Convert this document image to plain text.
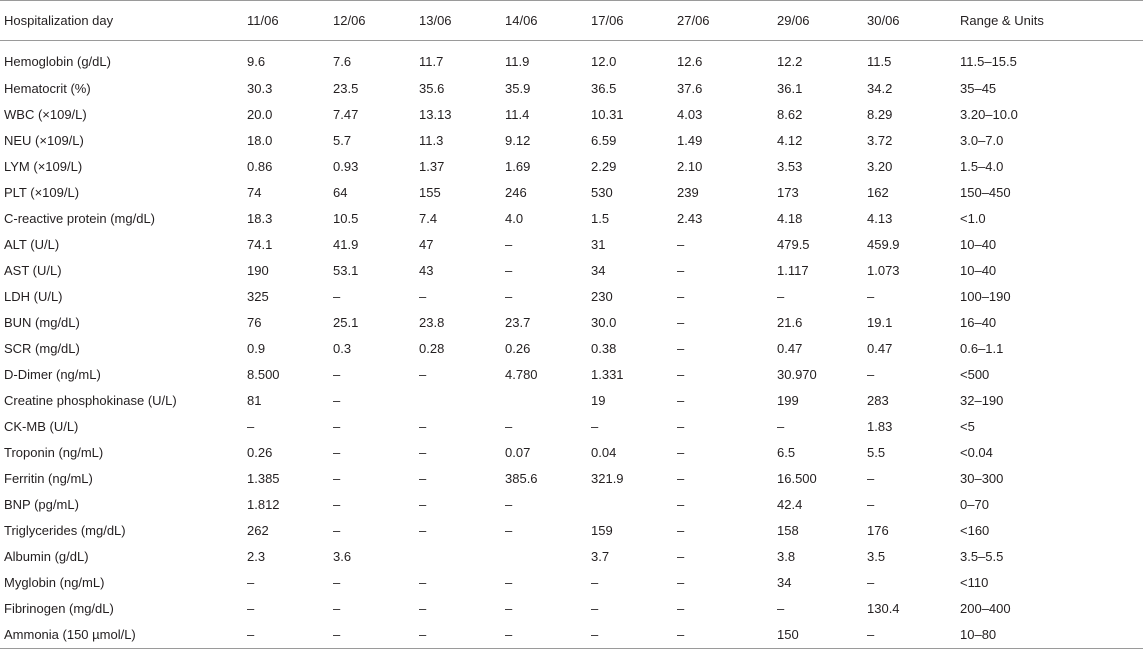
Hospitalization day	11/06	12/06	13/06	14/06	17/06	27/06	29/06	30/06	Range & Units
Hemoglobin (g/dL)	9.6	7.6	11.7	11.9	12.0	12.6	12.2	11.5	11.5–15.5
Hematocrit (%)	30.3	23.5	35.6	35.9	36.5	37.6	36.1	34.2	35–45
WBC (×109/L)	20.0	7.47	13.13	11.4	10.31	4.03	8.62	8.29	3.20–10.0
NEU (×109/L)	18.0	5.7	11.3	9.12	6.59	1.49	4.12	3.72	3.0–7.0
LYM (×109/L)	0.86	0.93	1.37	1.69	2.29	2.10	3.53	3.20	1.5–4.0
PLT (×109/L)	74	64	155	246	530	239	173	162	150–450
C-reactive protein (mg/dL)	18.3	10.5	7.4	4.0	1.5	2.43	4.18	4.13	<1.0
ALT (U/L)	74.1	41.9	47	–	31	–	479.5	459.9	10–40
AST (U/L)	190	53.1	43	–	34	–	1.117	1.073	10–40
LDH (U/L)	325	–	–	–	230	–	–	–	100–190
BUN (mg/dL)	76	25.1	23.8	23.7	30.0	–	21.6	19.1	16–40
SCR (mg/dL)	0.9	0.3	0.28	0.26	0.38	–	0.47	0.47	0.6–1.1
D-Dimer (ng/mL)	8.500	–	–	4.780	1.331	–	30.970	–	<500
Creatine phosphokinase (U/L)	81	–			19	–	199	283	32–190
CK-MB (U/L)	–	–	–	–	–	–	–	1.83	<5
Troponin (ng/mL)	0.26	–	–	0.07	0.04	–	6.5	5.5	<0.04
Ferritin (ng/mL)	1.385	–	–	385.6	321.9	–	16.500	–	30–300
BNP (pg/mL)	1.812	–	–	–		–	42.4	–	0–70
Triglycerides (mg/dL)	262	–	–	–	159	–	158	176	<160
Albumin (g/dL)	2.3	3.6			3.7	–	3.8	3.5	3.5–5.5
Myglobin (ng/mL)	–	–	–	–	–	–	34	–	<110
Fibrinogen (mg/dL)	–	–	–	–	–	–	–	130.4	200–400
Ammonia (150 µmol/L)	–	–	–	–	–	–	150	–	10–80
